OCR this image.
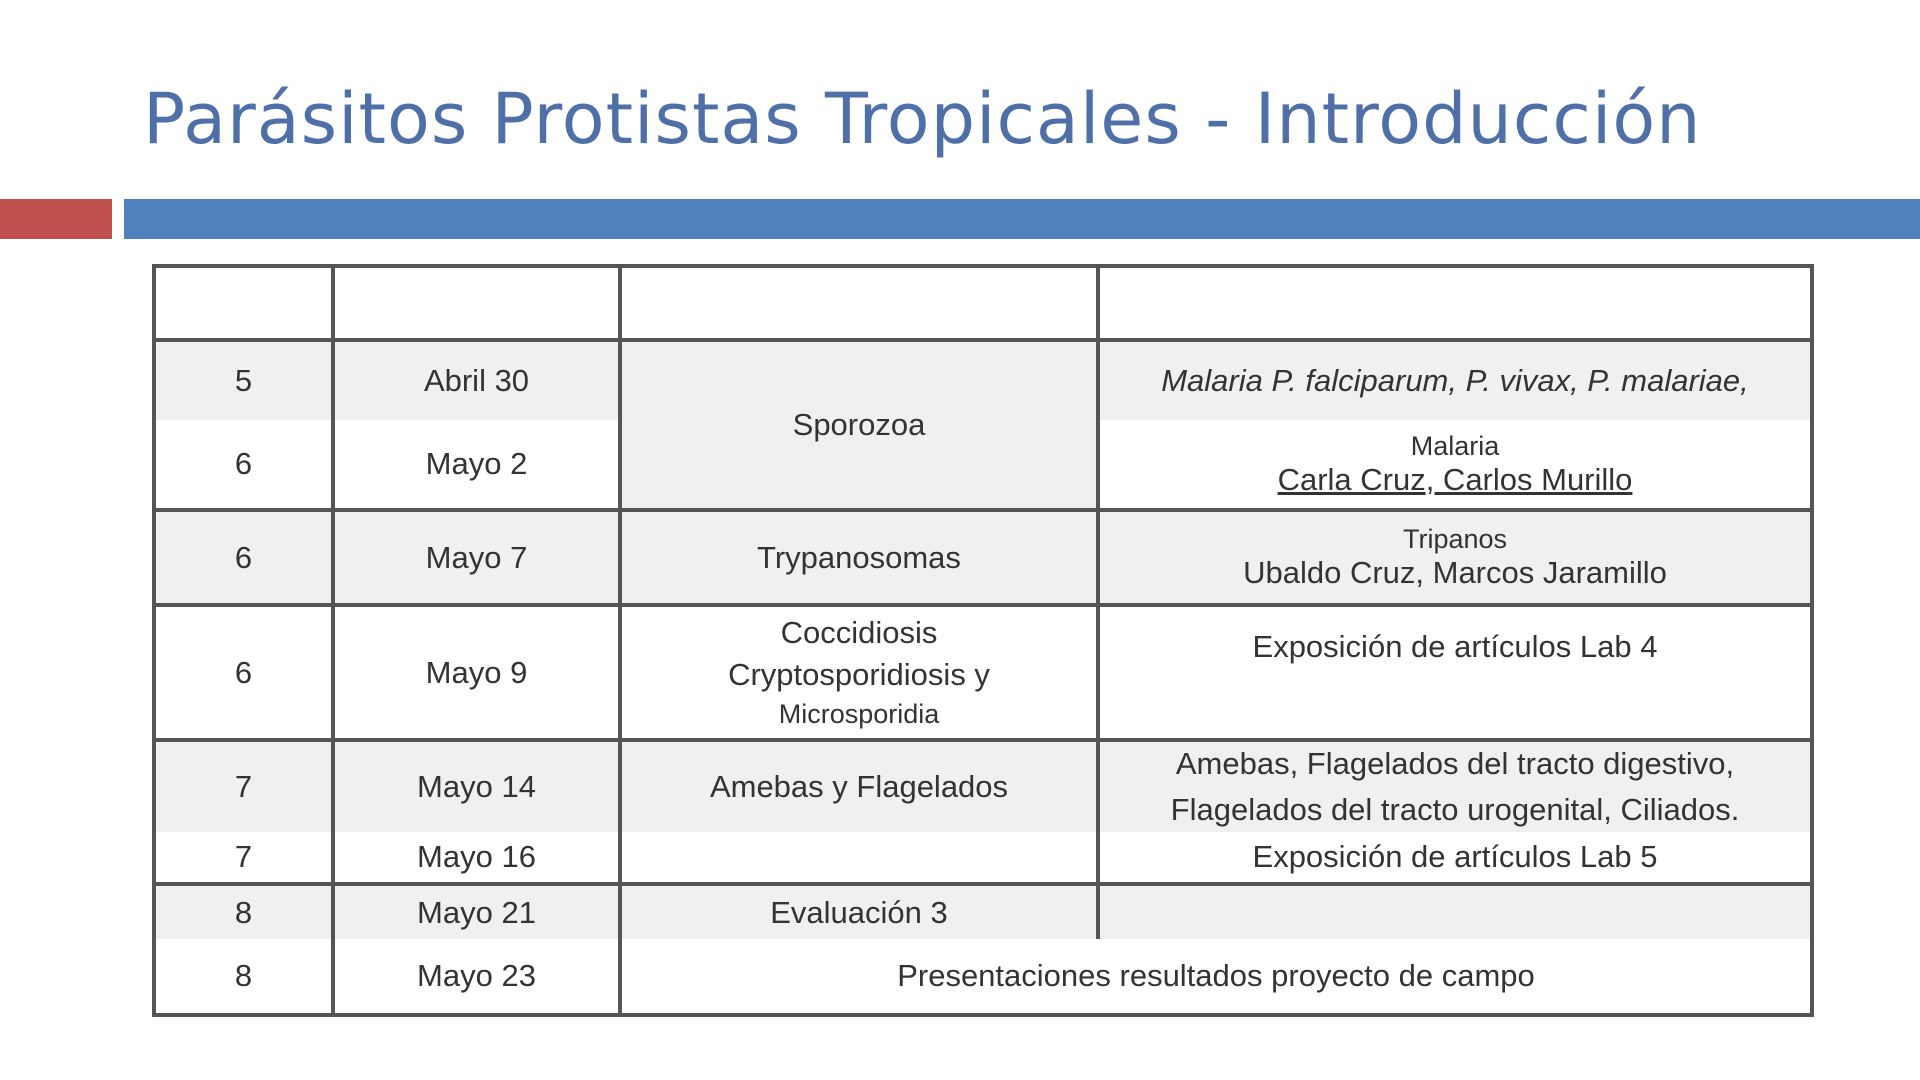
Parásitos Protistas Tropicales - Introducción

5	Abril 30	Sporozoa	Malaria P. falciparum, P. vivax, P. malariae,
6	Mayo 2		Malaria
Carla Cruz, Carlos Murillo

6	Mayo 7	Trypanosomas	Tripanos
Ubaldo Cruz, Marcos Jaramillo

6	Mayo 9	Coccidiosis
Cryptosporidiosis y
Microsporidia	Exposición de artículos Lab 4
7	Mayo 14	Amebas y Flagelados	Amebas, Flagelados del tracto digestivo,
Flagelados del tracto urogenital, Ciliados.

7	Mayo 16		Exposición de artículos Lab 5
8	Mayo 21	Evaluación 3	
8	Mayo 23	Presentaciones resultados proyecto de campo	
